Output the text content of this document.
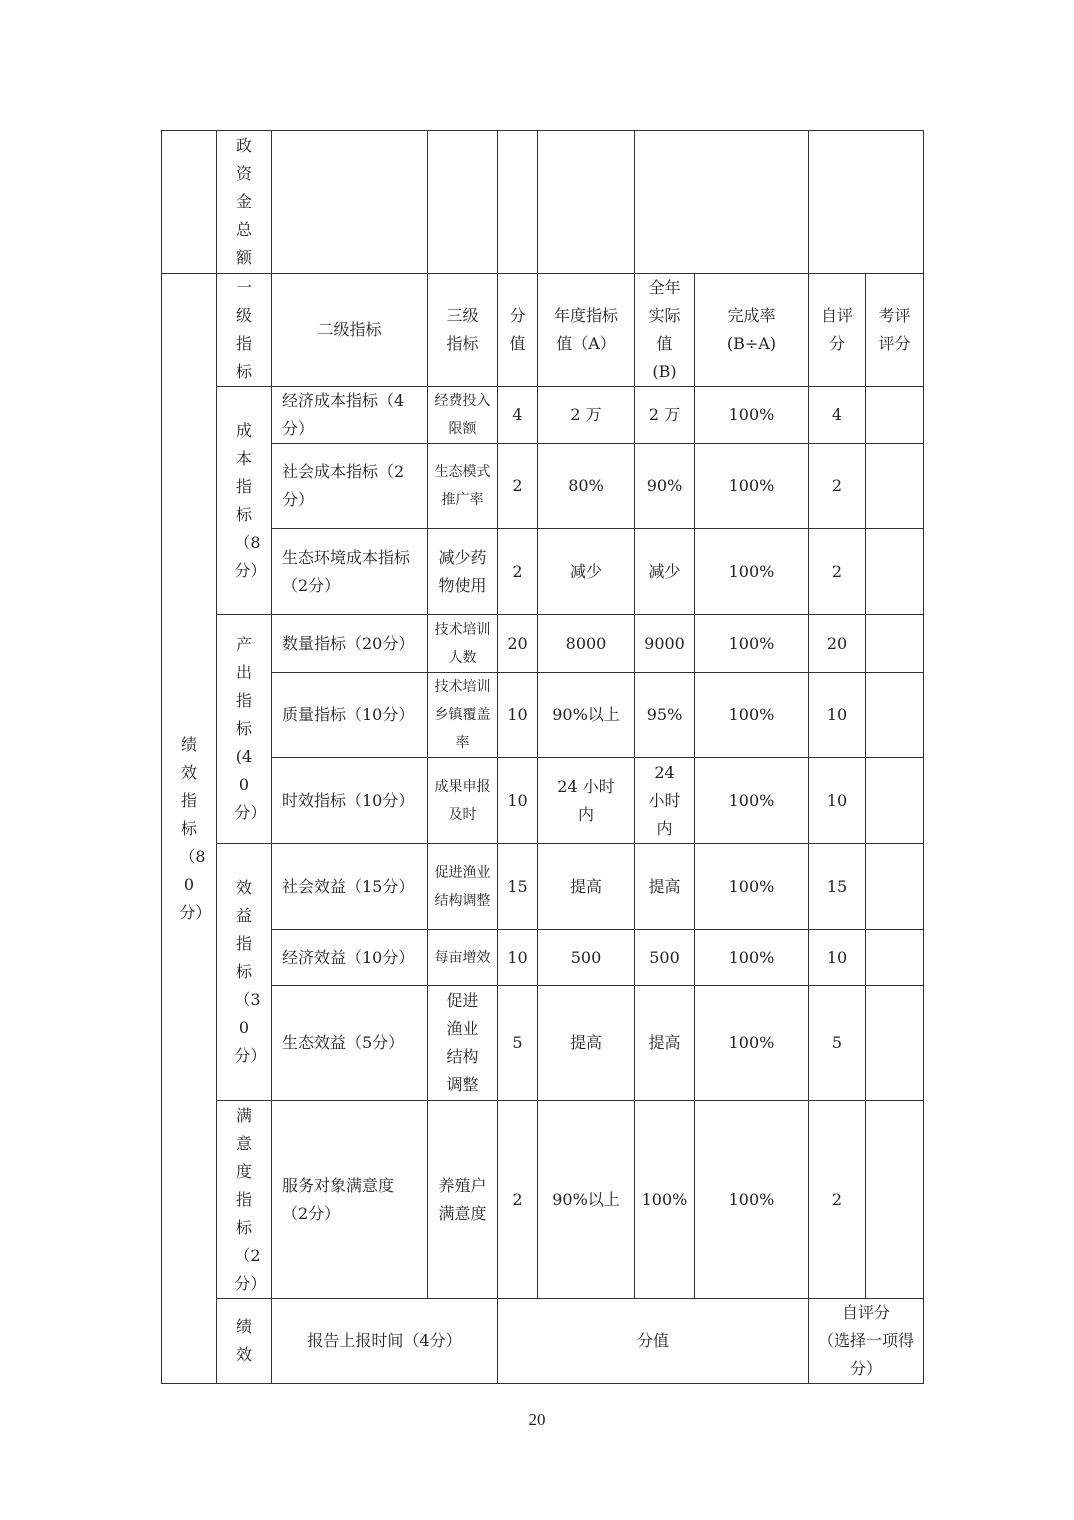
	政资金总额									

绩效指标（80分）	一级指标	二级指标	三级指标	分值	年度指标值（A）	全年实际值(B)	完成率(B÷A)	自评分	考评评分	

	成本指标（8分）	经济成本指标（4分）	经费投入限额	4	2 万	2 万	100%	4		
		社会成本指标（2分）	生态模式推广率	2	80%	90%	100%	2		
		生态环境成本指标（2分）	减少药物使用	2	减少	减少	100%	2		

	产出指标(40分）	数量指标（20分）	技术培训人数	20	8000	9000	100%	20		
		质量指标（10分）	技术培训乡镇覆盖率	10	90%以上	95%	100%	10		
		时效指标（10分）	成果申报及时	10	24 小时内	24 小时内	100%	10		

	效益指标（30分）	社会效益（15分）	促进渔业结构调整	15	提高	提高	100%	15		
		经济效益（10分）	每亩增效	10	500	500	100%	10		
		生态效益（5分）	促进渔业结构调整	5	提高	提高	100%	5		

	满意度指标（2分）	服务对象满意度（2分）	养殖户满意度	2	90%以上	100%	100%	2		

	绩效	报告上报时间（4分）		分值				自评分
（选择一项得分）

20
